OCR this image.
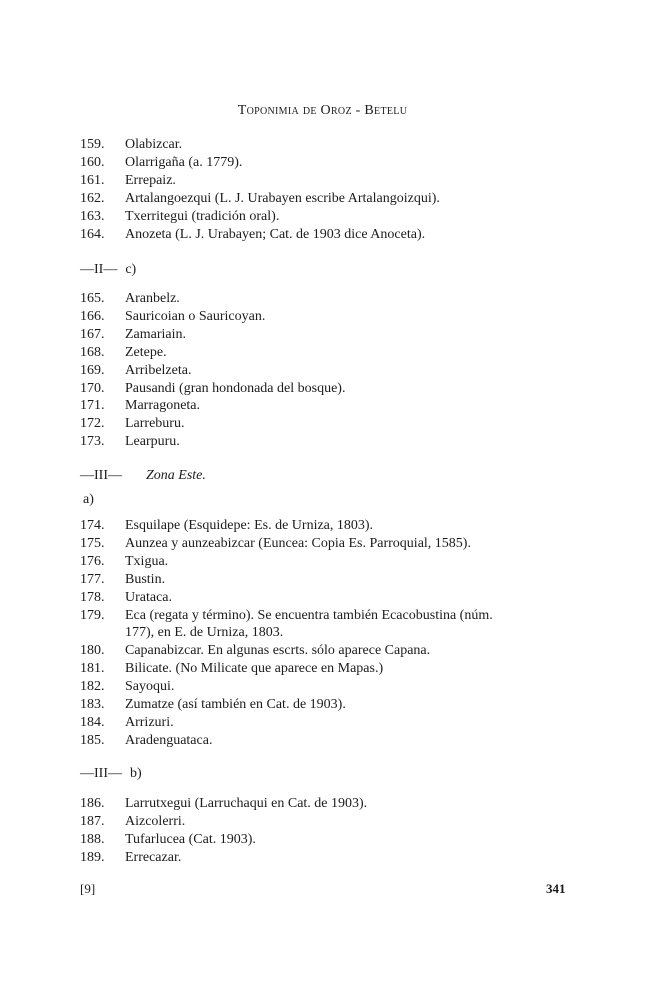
Toponimia de Oroz - Betelu
159.	Olabizcar.
160.	Olarrigaña (a. 1779).
161.	Errepaiz.
162.	Artalangoezqui (L. J. Urabayen escribe Artalangoizqui).
163.	Txerritegui (tradición oral).
164.	Anozeta (L. J. Urabayen; Cat. de 1903 dice Anoceta).
—II— c)
165.	Aranbelz.
166.	Sauricoian o Sauricoyan.
167.	Zamariain.
168.	Zetepe.
169.	Arribelzeta.
170.	Pausandi (gran hondonada del bosque).
171.	Marragoneta.
172.	Larreburu.
173.	Learpuru.
—III— Zona Este.
a)
174.	Esquilape (Esquidepe: Es. de Urniza, 1803).
175.	Aunzea y aunzeabizcar (Euncea: Copia Es. Parroquial, 1585).
176.	Txigua.
177.	Bustin.
178.	Urataca.
179.	Eca (regata y término). Se encuentra también Ecacobustina (núm.
177), en E. de Urniza, 1803.
180.	Capanabizcar. En algunas escrts. sólo aparece Capana.
181.	Bilicate. (No Milicate que aparece en Mapas.)
182.	Sayoqui.
183.	Zumatze (así también en Cat. de 1903).
184.	Arrizuri.
185.	Aradenguataca.
—III— b)
186.	Larrutxegui (Larruchaqui en Cat. de 1903).
187.	Aizcolerri.
188.	Tufarlucea (Cat. 1903).
189.	Errecazar.
[9]	341
